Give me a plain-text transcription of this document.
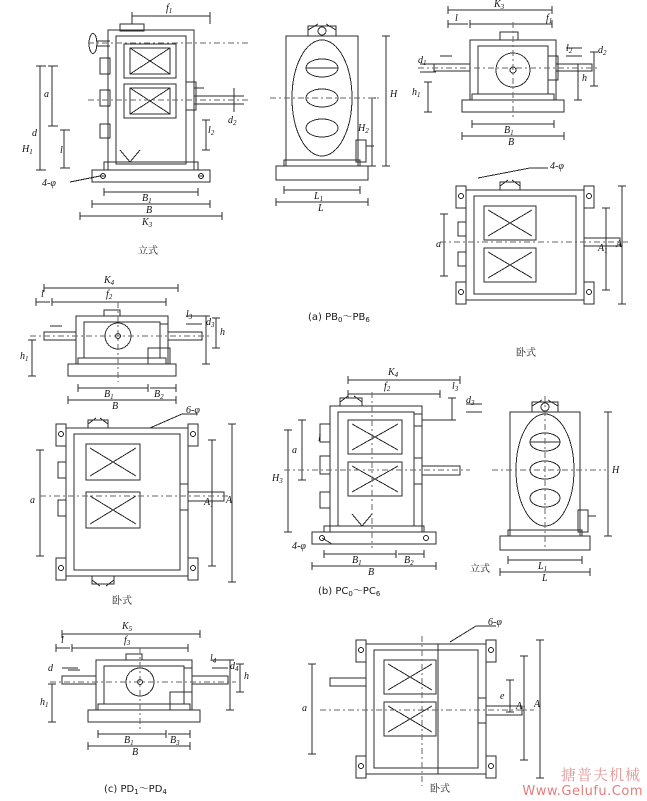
$f_1$
a
d
$H_1$	l
$B_1$
B
$K_3$
$l_2$
$d_2$
4-φ
立式
H
$H_2$
$L_1$
L
(a) $PB_0\sim PB_6$
$K_3$
$f_1$
l
$l_2$	$d_2$
$d_1$
$h_1$
h
$B_1$
B
4-φ
a	$A_1$
A
卧式
$K_4$
$f_2$
l
$l_3$ $d_3$
h
$h_1$
$B_1$	$B_2$
B	6-φ
a	$A_1$ A
卧式
$K_4$
$f_2$	$l_3$
$d_3$
a
l
$H_3$
4-φ
$B_1$	$B_2$
B	立式
(b) $PC_0\sim PC_6$
H
$L_1$
L
$K_5$
$f_3$
l
$l_4$ $d_4$
h
$h_1$
d
$B_1$	$B_3$
B
(c) $PD_1\sim PD_4$
6-φ
a
e
$A_1$ A
卧式
搪普夫机械
Www.Gelufu.Com
